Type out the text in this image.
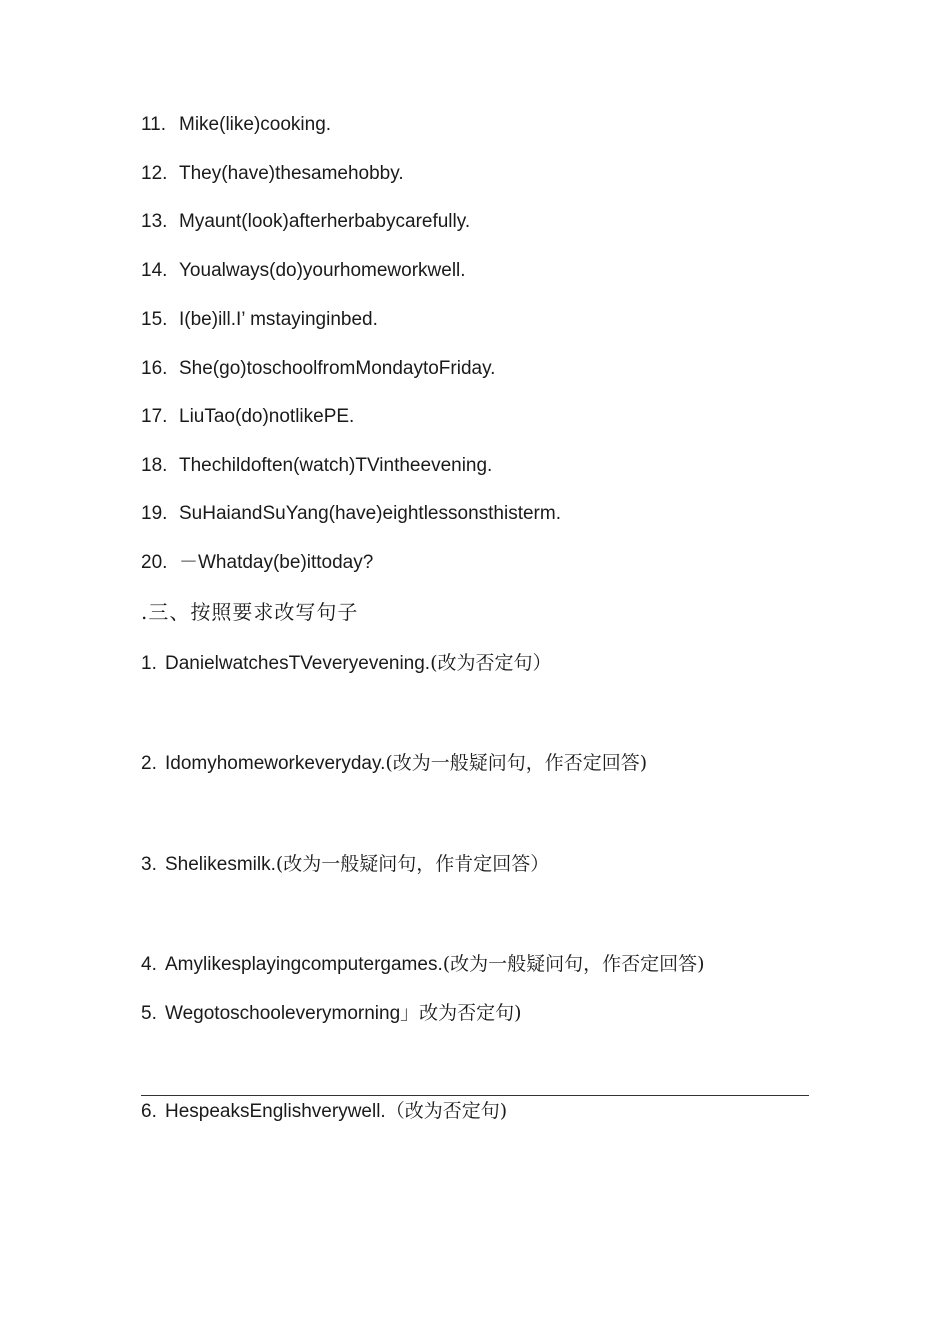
11. Mike(like)cooking.
12. They(have)thesamehobby.
13. Myaunt(look)afterherbabycarefully.
14. Youalways(do)yourhomeworkwell.
15. I(be)ill.I’ mstayinginbed.
16. She(go)toschoolfromMondaytoFriday.
17. LiuTao(do)notlikePE.
18. Thechildoften(watch)TVintheevening.
19. SuHaiandSuYang(have)eightlessonsthisterm.
20. －Whatday(be)ittoday?
.三、按照要求改写句子
1. DanielwatchesTVeveryevening.(改为否定句）
2. Idomyhomeworkeveryday.(改为一般疑问句，作否定回答)
3. Shelikesmilk.(改为一般疑问句，作肯定回答）
4. Amylikesplayingcomputergames.(改为一般疑问句，作否定回答)
5. Wegotoschooleverymorning」改为否定句)
6. HespeaksEnglishverywell.（改为否定句)
